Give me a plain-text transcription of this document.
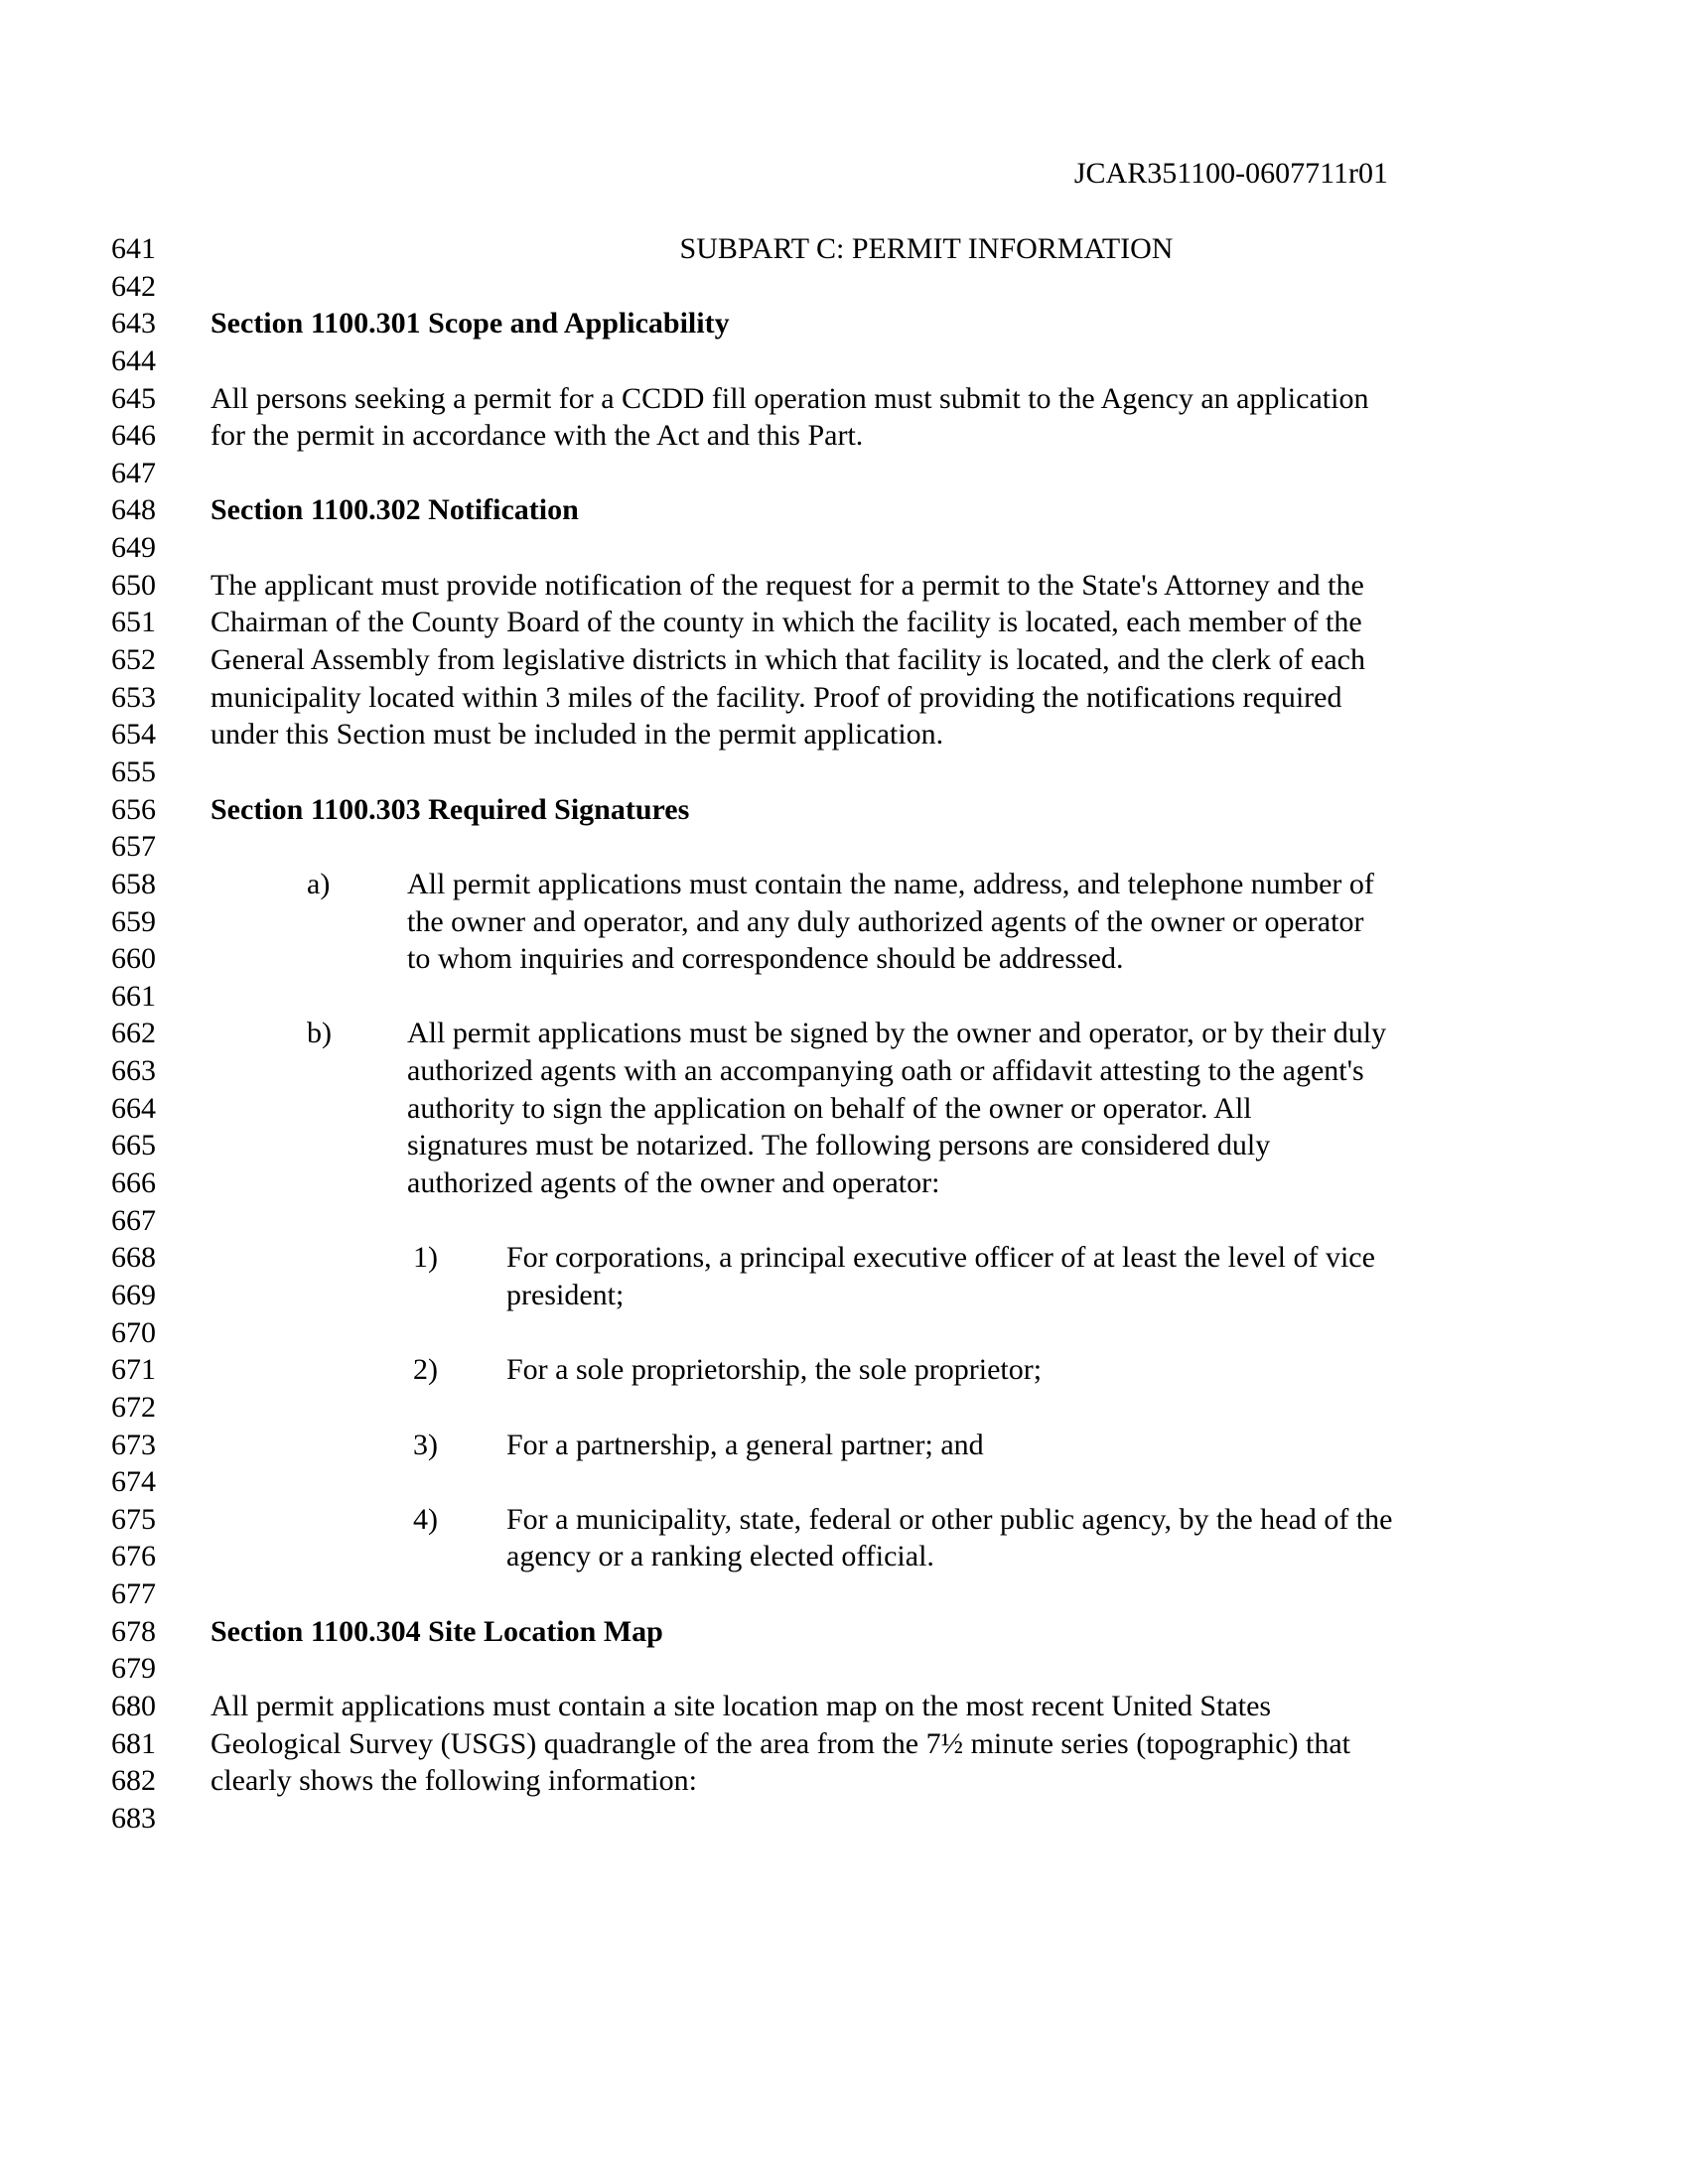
JCAR351100-0607711r01
641	SUBPART C: PERMIT INFORMATION
642
643 Section 1100.301 Scope and Applicability
644
645 All persons seeking a permit for a CCDD fill operation must submit to the Agency an application
646 for the permit in accordance with the Act and this Part.
647
648 Section 1100.302 Notification
649
650 The applicant must provide notification of the request for a permit to the State's Attorney and the
651 Chairman of the County Board of the county in which the facility is located, each member of the
652 General Assembly from legislative districts in which that facility is located, and the clerk of each
653 municipality located within 3 miles of the facility. Proof of providing the notifications required
654 under this Section must be included in the permit application.
655
656 Section 1100.303 Required Signatures
657
658	a)	All permit applications must contain the name, address, and telephone number of
659	the owner and operator, and any duly authorized agents of the owner or operator
660	to whom inquiries and correspondence should be addressed.
661
662	b)	All permit applications must be signed by the owner and operator, or by their duly
663	authorized agents with an accompanying oath or affidavit attesting to the agent's
664	authority to sign the application on behalf of the owner or operator. All
665	signatures must be notarized. The following persons are considered duly
666	authorized agents of the owner and operator:
667
668	1) For corporations, a principal executive officer of at least the level of vice
669	president;
670
671	2) For a sole proprietorship, the sole proprietor;
672
673	3) For a partnership, a general partner; and
674
675	4) For a municipality, state, federal or other public agency, by the head of the
676	agency or a ranking elected official.
677
678 Section 1100.304 Site Location Map
679
680 All permit applications must contain a site location map on the most recent United States
681 Geological Survey (USGS) quadrangle of the area from the 7½ minute series (topographic) that
682 clearly shows the following information:
683
